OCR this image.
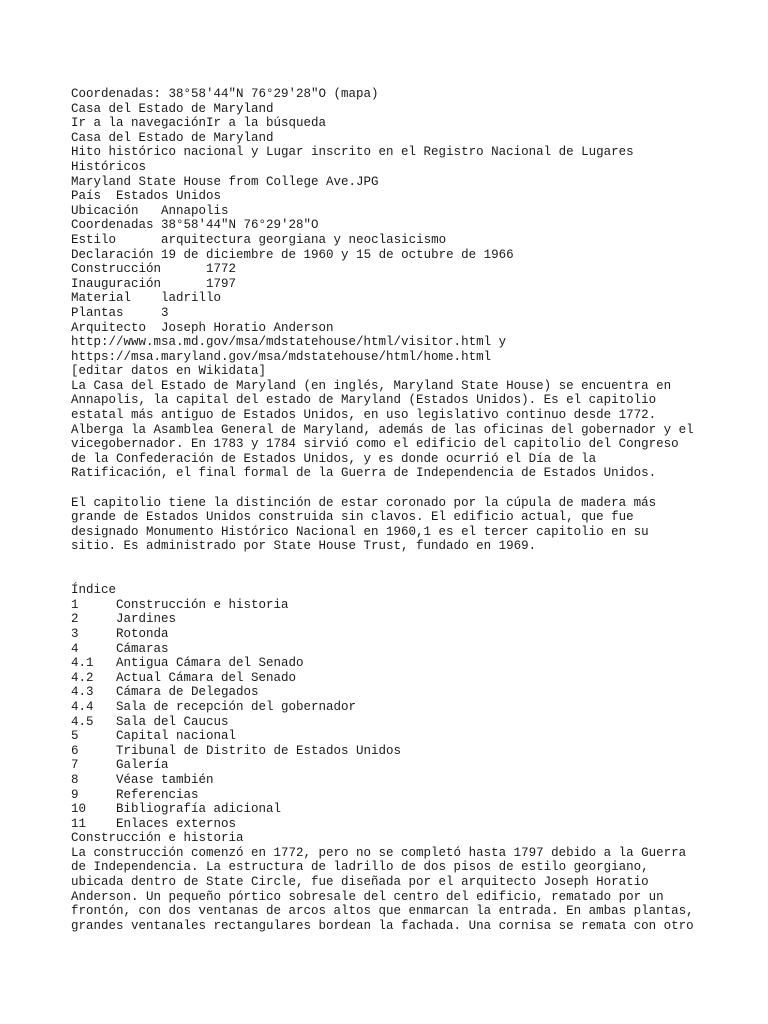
Coordenadas: 38°58'44"N 76°29'28"O (mapa)
Casa del Estado de Maryland
Ir a la navegaciónIr a la búsqueda
Casa del Estado de Maryland
Hito histórico nacional y Lugar inscrito en el Registro Nacional de Lugares
Históricos
Maryland State House from College Ave.JPG
País Estados Unidos
Ubicación Annapolis
Coordenadas 38°58'44"N 76°29'28"O
Estilo	arquitectura georgiana y neoclasicismo
Declaración 19 de diciembre de 1960 y 15 de octubre de 1966
Construcción	1772
Inauguración	1797
Material ladrillo
Plantas	3
Arquitecto Joseph Horatio Anderson
http://www.msa.md.gov/msa/mdstatehouse/html/visitor.html y
https://msa.maryland.gov/msa/mdstatehouse/html/home.html
[editar datos en Wikidata]
La Casa del Estado de Maryland (en inglés, Maryland State House) se encuentra en
Annapolis, la capital del estado de Maryland (Estados Unidos). Es el capitolio
estatal más antiguo de Estados Unidos, en uso legislativo continuo desde 1772.
Alberga la Asamblea General de Maryland, además de las oficinas del gobernador y el
vicegobernador. En 1783 y 1784 sirvió como el edificio del capitolio del Congreso
de la Confederación de Estados Unidos, y es donde ocurrió el Día de la
Ratificación, el final formal de la Guerra de Independencia de Estados Unidos.
El capitolio tiene la distinción de estar coronado por la cúpula de madera más
grande de Estados Unidos construida sin clavos. El edificio actual, que fue
designado Monumento Histórico Nacional en 1960,1 es el tercer capitolio en su
sitio. Es administrado por State House Trust, fundado en 1969.
Índice
1	Construcción e historia
2	Jardines
3	Rotonda
4	Cámaras
4.1 Antigua Cámara del Senado
4.2 Actual Cámara del Senado
4.3 Cámara de Delegados
4.4 Sala de recepción del gobernador
4.5 Sala del Caucus
5	Capital nacional
6	Tribunal de Distrito de Estados Unidos
7	Galería
8	Véase también
9	Referencias
10 Bibliografía adicional
11 Enlaces externos
Construcción e historia
La construcción comenzó en 1772, pero no se completó hasta 1797 debido a la Guerra
de Independencia. La estructura de ladrillo de dos pisos de estilo georgiano,
ubicada dentro de State Circle, fue diseñada por el arquitecto Joseph Horatio
Anderson. Un pequeño pórtico sobresale del centro del edificio, rematado por un
frontón, con dos ventanas de arcos altos que enmarcan la entrada. En ambas plantas,
grandes ventanales rectangulares bordean la fachada. Una cornisa se remata con otro
